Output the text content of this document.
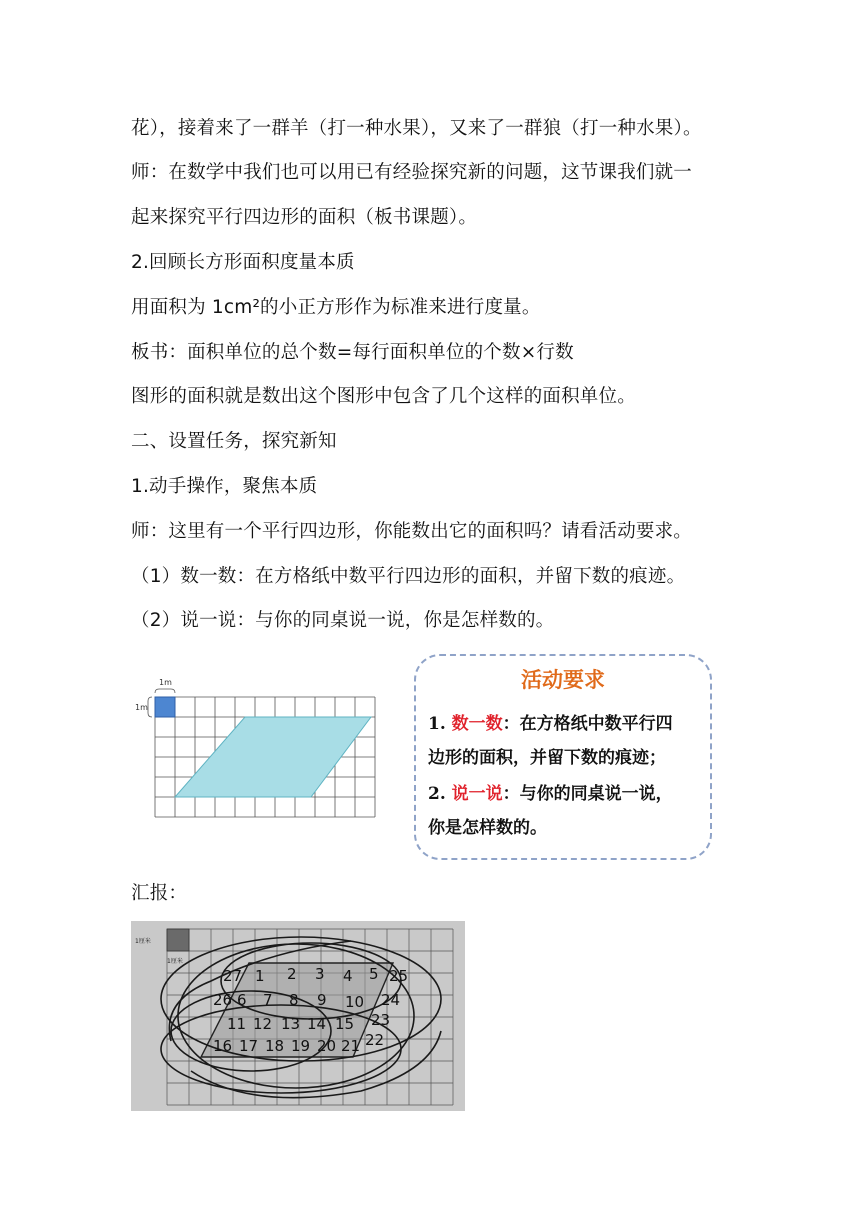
花），接着来了一群羊（打一种水果），又来了一群狼（打一种水果）。
师：在数学中我们也可以用已有经验探究新的问题，这节课我们就一
起来探究平行四边形的面积（板书课题）。
2.回顾长方形面积度量本质
用面积为 1cm²的小正方形作为标准来进行度量。
板书：面积单位的总个数=每行面积单位的个数×行数
图形的面积就是数出这个图形中包含了几个这样的面积单位。
二、设置任务，探究新知
1.动手操作，聚焦本质
师：这里有一个平行四边形，你能数出它的面积吗？请看活动要求。
（1）数一数：在方格纸中数平行四边形的面积，并留下数的痕迹。
（2）说一说：与你的同桌说一说，你是怎样数的。
1m
1m
活动要求
1. 数一数：在方格纸中数平行四
边形的面积，并留下数的痕迹；
2. 说一说：与你的同桌说一说，
你是怎样数的。
汇报：
1厘米
1厘米
1 2 3 4 5
6 7 8 9 10
11 12 13 14 15
16 17 18 19 20 21 22
23
24
25
26
27
